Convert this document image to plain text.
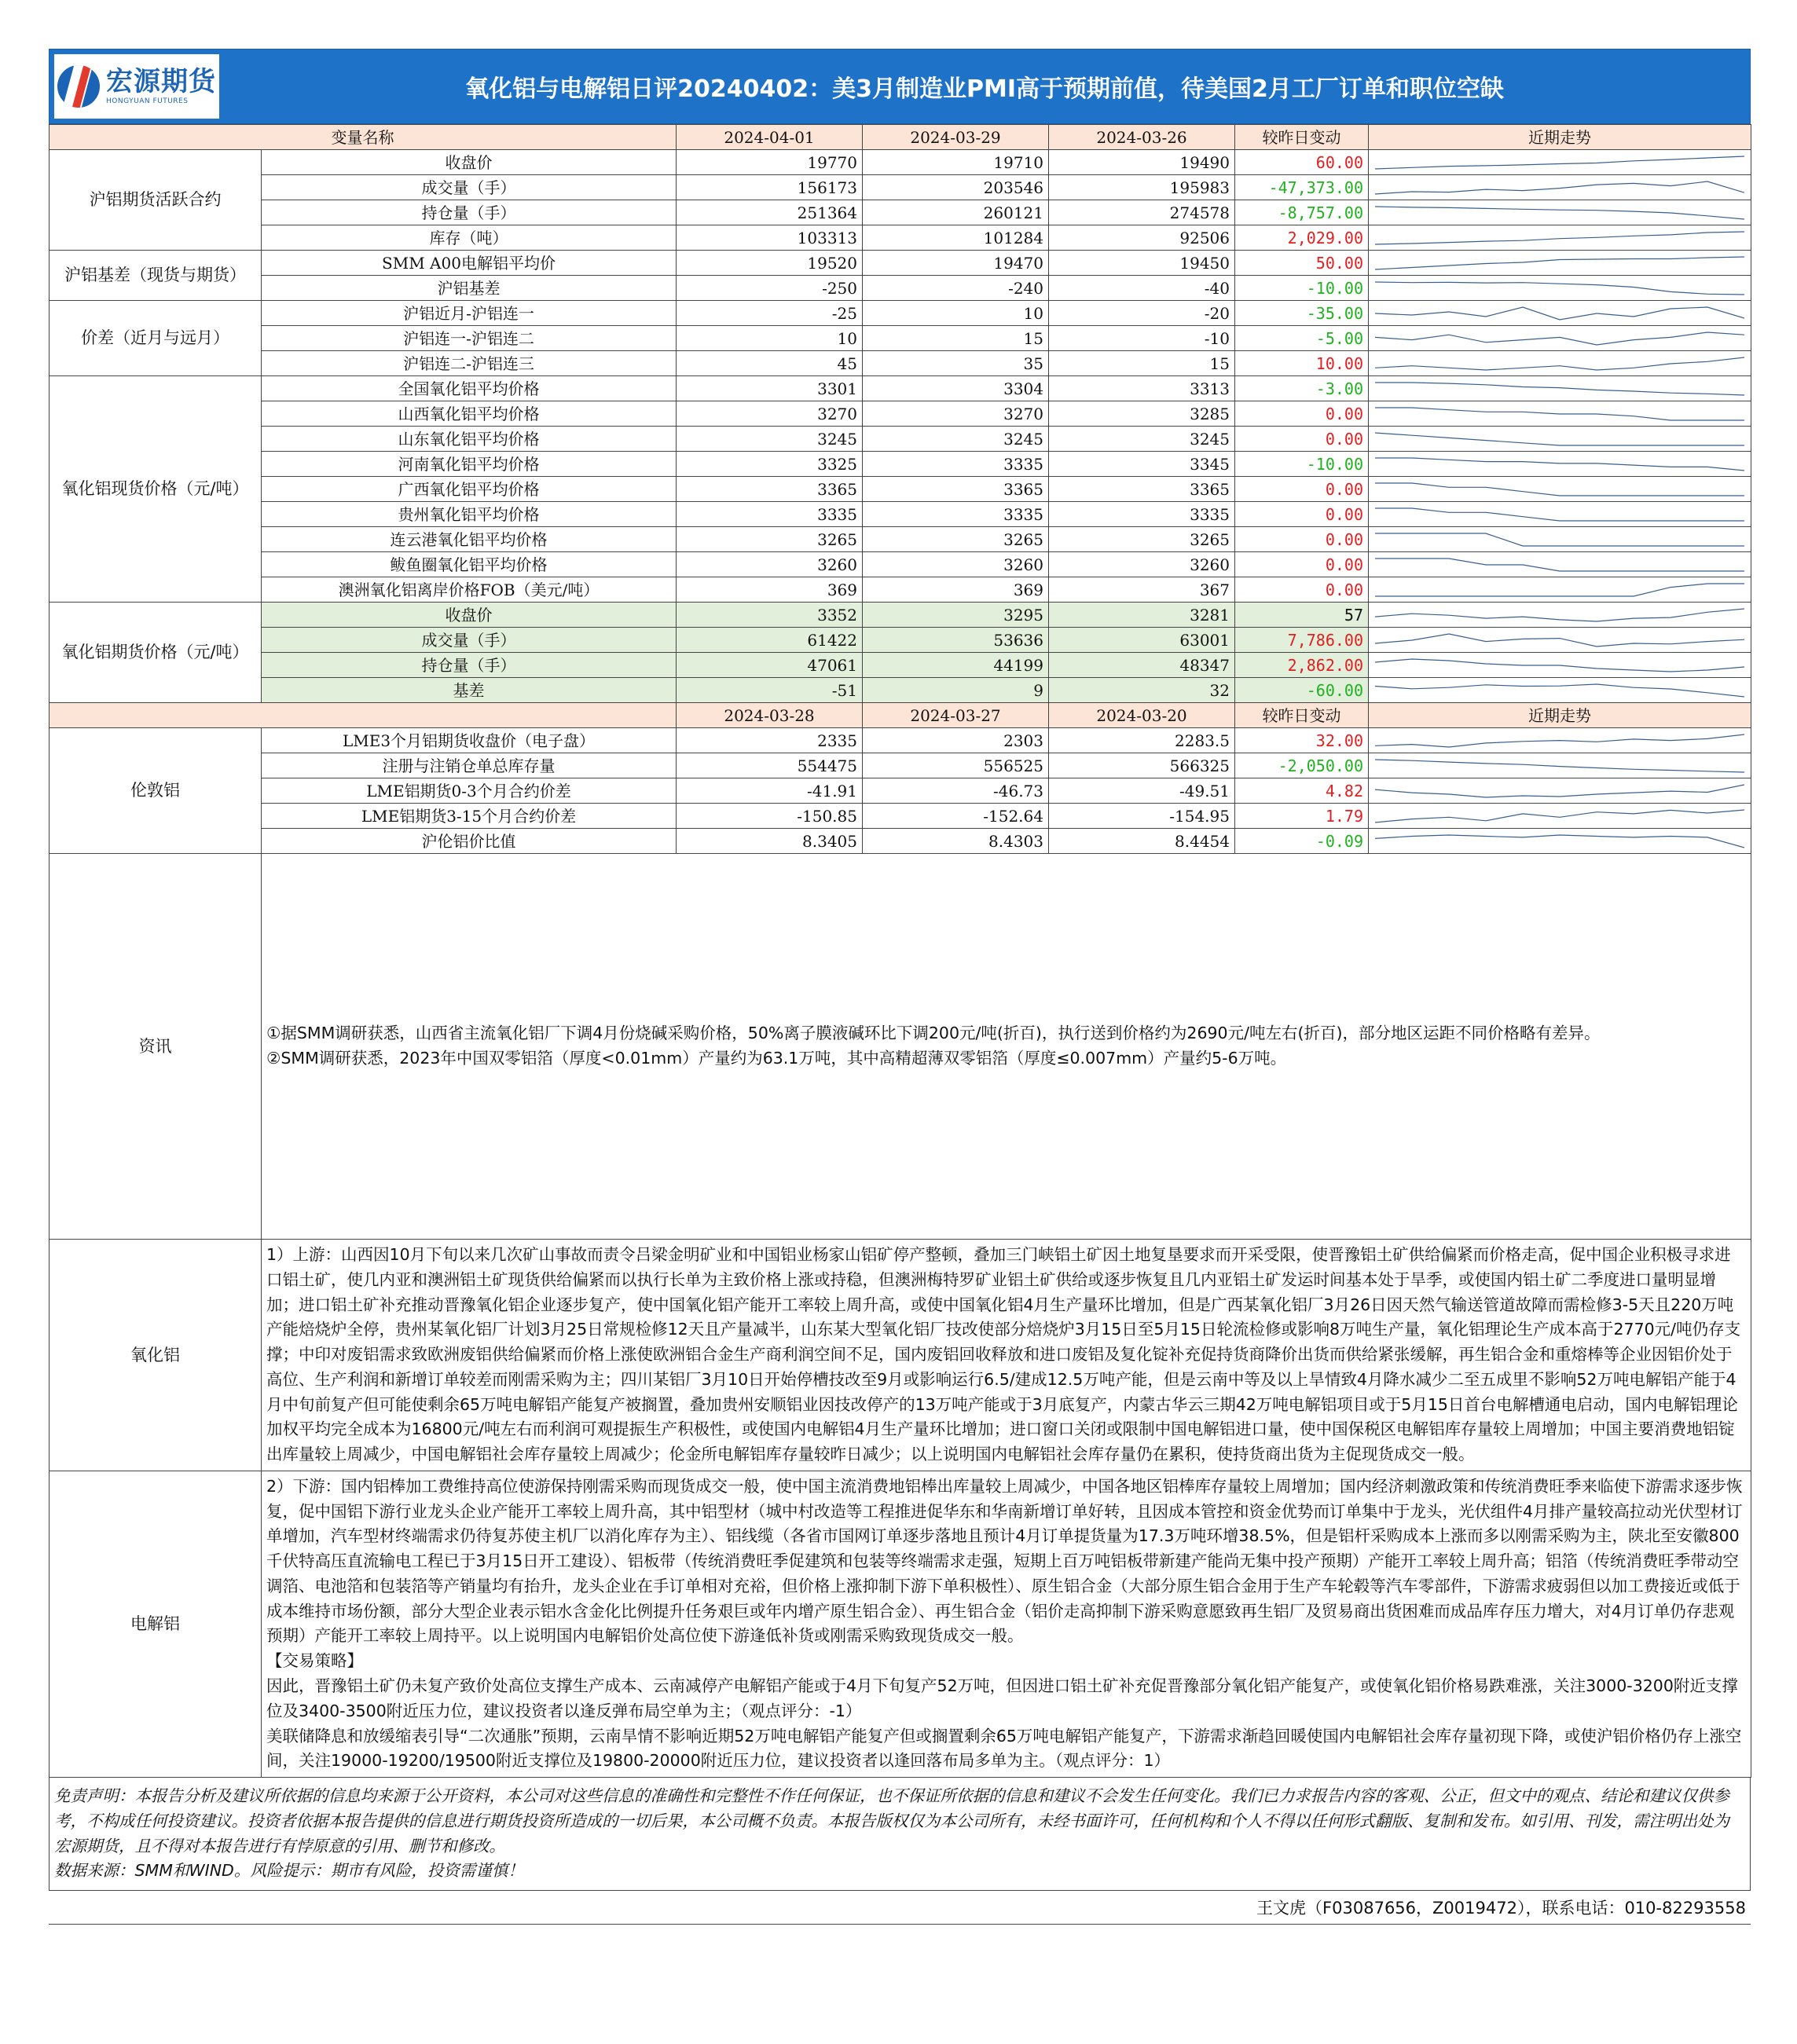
宏源期货
HONGYUAN FUTURES	氧化铝与电解铝日评20240402：美3月制造业PMI高于预期前值，待美国2月工厂订单和职位空缺
变量名称		2024-04-01	2024-03-29	2024-03-26	较昨日变动	近期走势
沪铝期货活跃合约	收盘价	19770	19710	19490	60.00	

	成交量（手）	156173	203546	195983	-47,373.00	

	持仓量（手）	251364	260121	274578	-8,757.00	

	库存（吨）	103313	101284	92506	2,029.00	

沪铝基差（现货与期货）	SMM A00电解铝平均价	19520	19470	19450	50.00	

	沪铝基差	-250	-240	-40	-10.00	

价差（近月与远月）	沪铝近月-沪铝连一	-25	10	-20	-35.00	

	沪铝连一-沪铝连二	10	15	-10	-5.00	

	沪铝连二-沪铝连三	45	35	15	10.00	

氧化铝现货价格（元/吨）	全国氧化铝平均价格	3301	3304	3313	-3.00	

	山西氧化铝平均价格	3270	3270	3285	0.00	

	山东氧化铝平均价格	3245	3245	3245	0.00	

	河南氧化铝平均价格	3325	3335	3345	-10.00	

	广西氧化铝平均价格	3365	3365	3365	0.00	

	贵州氧化铝平均价格	3335	3335	3335	0.00	

	连云港氧化铝平均价格	3265	3265	3265	0.00	

	鲅鱼圈氧化铝平均价格	3260	3260	3260	0.00	

	澳洲氧化铝离岸价格FOB（美元/吨）	369	369	367	0.00	

氧化铝期货价格（元/吨）	收盘价	3352	3295	3281	57	

	成交量（手）	61422	53636	63001	7,786.00	

	持仓量（手）	47061	44199	48347	2,862.00	

	基差	-51	9	32	-60.00	

		2024-03-28	2024-03-27	2024-03-20	较昨日变动	近期走势
伦敦铝	LME3个月铝期货收盘价（电子盘）	2335	2303	2283.5	32.00	

	注册与注销仓单总库存量	554475	556525	566325	-2,050.00	

	LME铝期货0-3个月合约价差	-41.91	-46.73	-49.51	4.82	

	LME铝期货3-15个月合约价差	-150.85	-152.64	-154.95	1.79	

	沪伦铝价比值	8.3405	8.4303	8.4454	-0.09	

资讯	①据SMM调研获悉，山西省主流氧化铝厂下调4月份烧碱采购价格，50%离子膜液碱环比下调200元/吨(折百)，执行送到价格约为2690元/吨左右(折百)，部分地区运距不同价格略有差异。
②SMM调研获悉，2023年中国双零铝箔（厚度<0.01mm）产量约为63.1万吨，其中高精超薄双零铝箔（厚度≤0.007mm）产量约5-6万吨。					

氧化铝	1）上游：山西因10月下旬以来几次矿山事故而责令吕梁金明矿业和中国铝业杨家山铝矿停产整顿，叠加三门峡铝土矿因土地复垦要求而开采受限，使晋豫铝土矿供给偏紧而价格走高，促中国企业积极寻求进口铝土矿，使几内亚和澳洲铝土矿现货供给偏紧而以执行长单为主致价格上涨或持稳，但澳洲梅特罗矿业铝土矿供给或逐步恢复且几内亚铝土矿发运时间基本处于旱季，或使国内铝土矿二季度进口量明显增加；进口铝土矿补充推动晋豫氧化铝企业逐步复产，使中国氧化铝产能开工率较上周升高，或使中国氧化铝4月生产量环比增加，但是广西某氧化铝厂3月26日因天然气输送管道故障而需检修3-5天且220万吨产能焙烧炉全停，贵州某氧化铝厂计划3月25日常规检修12天且产量减半，山东某大型氧化铝厂技改使部分焙烧炉3月15日至5月15日轮流检修或影响8万吨生产量，氧化铝理论生产成本高于2770元/吨仍存支撑；中印对废铝需求致欧洲废铝供给偏紧而价格上涨使欧洲铝合金生产商利润空间不足，国内废铝回收释放和进口废铝及复化锭补充促持货商降价出货而供给紧张缓解，再生铝合金和重熔棒等企业因铝价处于高位、生产利润和新增订单较差而刚需采购为主；四川某铝厂3月10日开始停槽技改至9月或影响运行6.5/建成12.5万吨产能，但是云南中等及以上旱情致4月降水减少二至五成里不影响52万吨电解铝产能于4月中旬前复产但可能使剩余65万吨电解铝产能复产被搁置，叠加贵州安顺铝业因技改停产的13万吨产能或于3月底复产，内蒙古华云三期42万吨电解铝项目或于5月15日首台电解槽通电启动，国内电解铝理论加权平均完全成本为16800元/吨左右而利润可观提振生产积极性，或使国内电解铝4月生产量环比增加；进口窗口关闭或限制中国电解铝进口量，使中国保税区电解铝库存量较上周增加；中国主要消费地铝锭出库量较上周减少，中国电解铝社会库存量较上周减少；伦金所电解铝库存量较昨日减少；以上说明国内电解铝社会库存量仍在累积，使持货商出货为主促现货成交一般。					

电解铝	2）下游：国内铝棒加工费维持高位使游保持刚需采购而现货成交一般，使中国主流消费地铝棒出库量较上周减少，中国各地区铝棒库存量较上周增加；国内经济刺激政策和传统消费旺季来临使下游需求逐步恢复，促中国铝下游行业龙头企业产能开工率较上周升高，其中铝型材（城中村改造等工程推进促华东和华南新增订单好转，且因成本管控和资金优势而订单集中于龙头，光伏组件4月排产量较高拉动光伏型材订单增加，汽车型材终端需求仍待复苏使主机厂以消化库存为主）、铝线缆（各省市国网订单逐步落地且预计4月订单提货量为17.3万吨环增38.5%，但是铝杆采购成本上涨而多以刚需采购为主，陕北至安徽800千伏特高压直流输电工程已于3月15日开工建设）、铝板带（传统消费旺季促建筑和包装等终端需求走强，短期上百万吨铝板带新建产能尚无集中投产预期）产能开工率较上周升高；铝箔（传统消费旺季带动空调箔、电池箔和包装箔等产销量均有抬升，龙头企业在手订单相对充裕，但价格上涨抑制下游下单积极性）、原生铝合金（大部分原生铝合金用于生产车轮毂等汽车零部件，下游需求疲弱但以加工费接近或低于成本维持市场份额，部分大型企业表示铝水含金化比例提升任务艰巨或年内增产原生铝合金）、再生铝合金（铝价走高抑制下游采购意愿致再生铝厂及贸易商出货困难而成品库存压力增大，对4月订单仍存悲观预期）产能开工率较上周持平。以上说明国内电解铝价处高位使下游逢低补货或刚需采购致现货成交一般。
【交易策略】
因此，晋豫铝土矿仍未复产致价处高位支撑生产成本、云南减停产电解铝产能或于4月下旬复产52万吨，但因进口铝土矿补充促晋豫部分氧化铝产能复产，或使氧化铝价格易跌难涨，关注3000-3200附近支撑位及3400-3500附近压力位，建议投资者以逢反弹布局空单为主；（观点评分：-1）
美联储降息和放缓缩表引导“二次通胀”预期，云南旱情不影响近期52万吨电解铝产能复产但或搁置剩余65万吨电解铝产能复产，下游需求渐趋回暖使国内电解铝社会库存量初现下降，或使沪铝价格仍存上涨空间，关注19000-19200/19500附近支撑位及19800-20000附近压力位，建议投资者以逢回落布局多单为主。（观点评分：1）					
免责声明：本报告分析及建议所依据的信息均来源于公开资料，本公司对这些信息的准确性和完整性不作任何保证，也不保证所依据的信息和建议不会发生任何变化。我们已力求报告内容的客观、公正，但文中的观点、结论和建议仅供参考，不构成任何投资建议。投资者依据本报告提供的信息进行期货投资所造成的一切后果，本公司概不负责。本报告版权仅为本公司所有，未经书面许可，任何机构和个人不得以任何形式翻版、复制和发布。如引用、刊发，需注明出处为宏源期货，且不得对本报告进行有悖原意的引用、删节和修改。
数据来源：SMM和WIND。风险提示：期市有风险，投资需谨慎！
王文虎（F03087656，Z0019472），联系电话：010-82293558
